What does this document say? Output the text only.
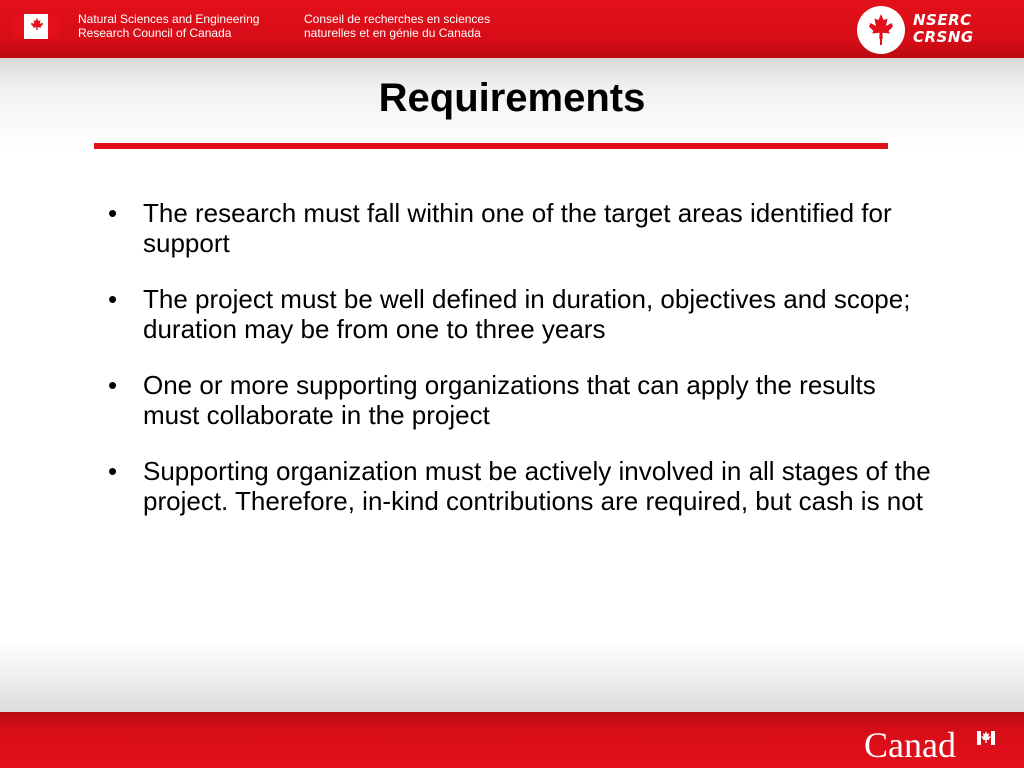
Natural Sciences and Engineering
Research Council of Canada
Conseil de recherches en sciences
naturelles et en génie du Canada
NSERC
CRSNG
Requirements
• The research must fall within one of the target areas identified for support
• The project must be well defined in duration, objectives and scope; duration may be from one to three years
• One or more supporting organizations that can apply the results must collaborate in the project
• Supporting organization must be actively involved in all stages of the project. Therefore, in-kind contributions are required, but cash is not
Canad
